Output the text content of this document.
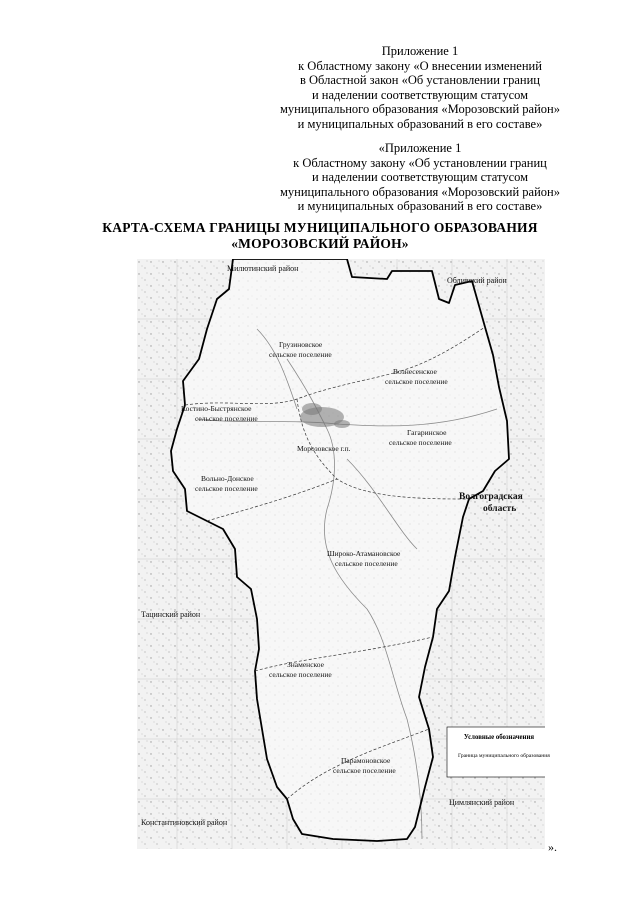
Приложение 1
к Областному закону «О внесении изменений
в Областной закон «Об установлении границ
и наделении соответствующим статусом
муниципального образования «Морозовский район»
и муниципальных образований в его составе»
«Приложение 1
к Областному закону «Об установлении границ
и наделении соответствующим статусом
муниципального образования «Морозовский район»
и муниципальных образований в его составе»
КАРТА-СХЕМА ГРАНИЦЫ МУНИЦИПАЛЬНОГО ОБРАЗОВАНИЯ
«МОРОЗОВСКИЙ РАЙОН»
Милютинский район
Обливский район
Волгоградская
область
Тацинский район
Цимлянский район
Константиновский район
Грузиновское
сельское поселение
Вознесенское
сельское поселение
Костино-Быстрянское
сельское поселение
Гагаринское
сельское поселение
Морозовское г.п.
Вольно-Донское
сельское поселение
Широко-Атамановское
сельское поселение
Знаменское
сельское поселение
Парамоновское
сельское поселение
Условные обозначения
Граница муниципального образования
».
